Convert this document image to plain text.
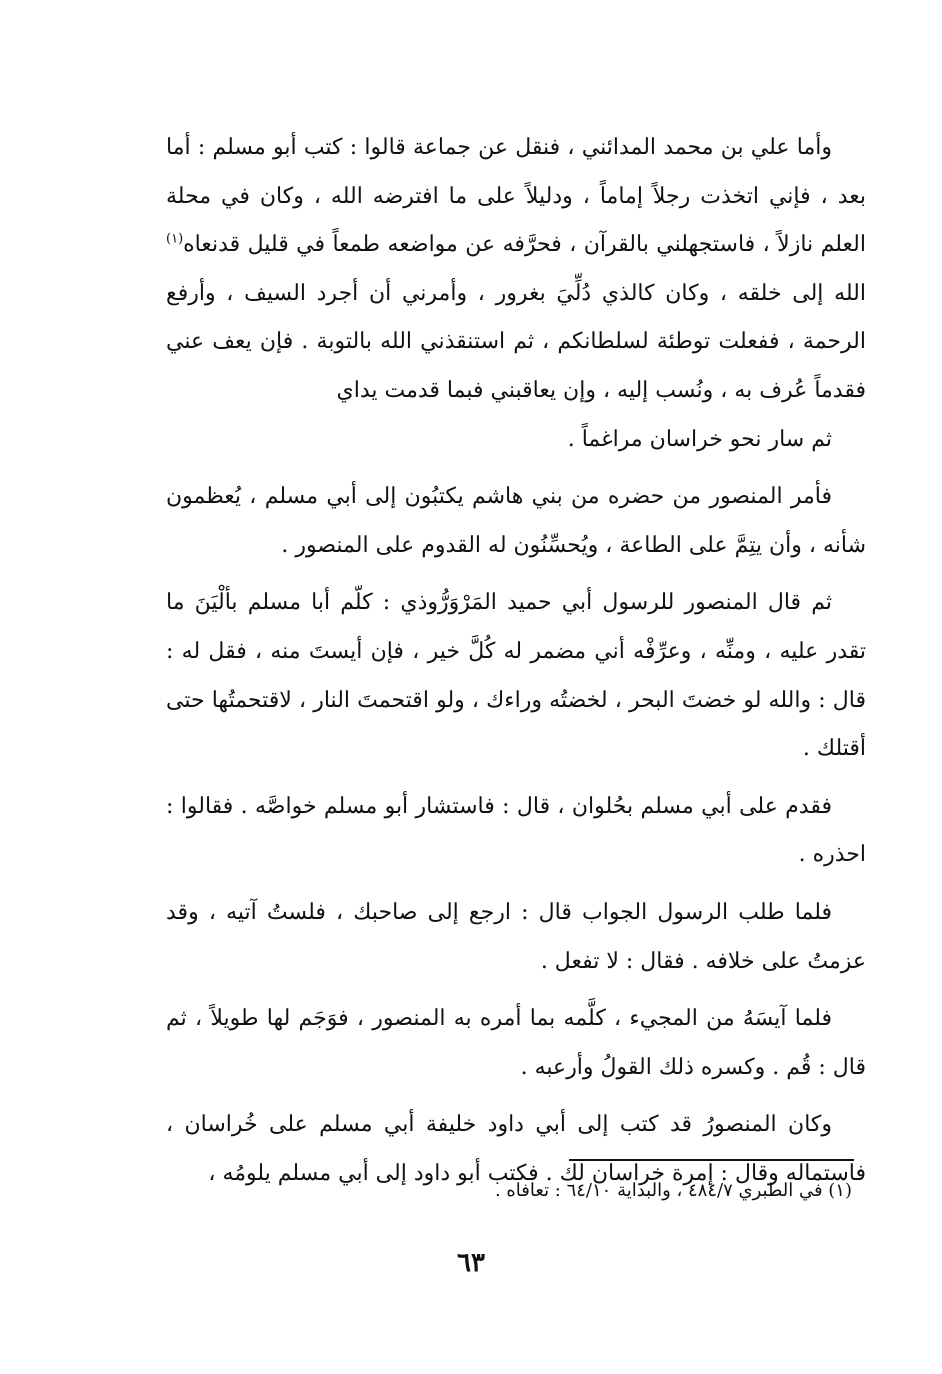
وأما علي بن محمد المدائني ، فنقل عن جماعة قالوا : كتب أبو مسلم : أما بعد ، فإني اتخذت رجلاً إماماً ، ودليلاً على ما افترضه الله ، وكان في محلة العلم نازلاً ، فاستجهلني بالقرآن ، فحرَّفه عن مواضعه طمعاً في قليل قدنعاه$^{(١)}$ الله إلى خلقه ، وكان كالذي دُلِّيَ بغرور ، وأمرني أن أجرد السيف ، وأرفع الرحمة ، ففعلت توطئة لسلطانكم ، ثم استنقذني الله بالتوبة . فإن يعف عني فقدماً عُرف به ، ونُسب إليه ، وإن يعاقبني فبما قدمت يداي

ثم سار نحو خراسان مراغماً .

فأمر المنصور من حضره من بني هاشم يكتبُون إلى أبي مسلم ، يُعظمون شأنه ، وأن يتِمَّ على الطاعة ، ويُحسِّنُون له القدوم على المنصور .

ثم قال المنصور للرسول أبي حميد المَرْوَرُّوذي : كلّم أبا مسلم بألْيَنَ ما تقدر عليه ، ومنِّه ، وعرِّفْه أني مضمر له كُلَّ خير ، فإن أيستَ منه ، فقل له : قال : والله لو خضتَ البحر ، لخضتُه وراءك ، ولو اقتحمتَ النار ، لاقتحمتُها حتى أقتلك .

فقدم على أبي مسلم بحُلوان ، قال : فاستشار أبو مسلم خواصَّه . فقالوا : احذره .

فلما طلب الرسول الجواب قال : ارجع إلى صاحبك ، فلستُ آتيه ، وقد عزمتُ على خلافه . فقال : لا تفعل .

فلما آيسَهُ من المجيء ، كلَّمه بما أمره به المنصور ، فوَجَم لها طويلاً ، ثم قال : قُم . وكسره ذلك القولُ وأرعبه .

وكان المنصورُ قد كتب إلى أبي داود خليفة أبي مسلم على خُراسان ، فاستماله وقال : إمرة خراسان لك . فكتب أبو داود إلى أبي مسلم يلومُه ،

(١) في الطبري ٤٨٤/٧ ، والبداية ٦٤/١٠ : تعافاه .
٦٣
